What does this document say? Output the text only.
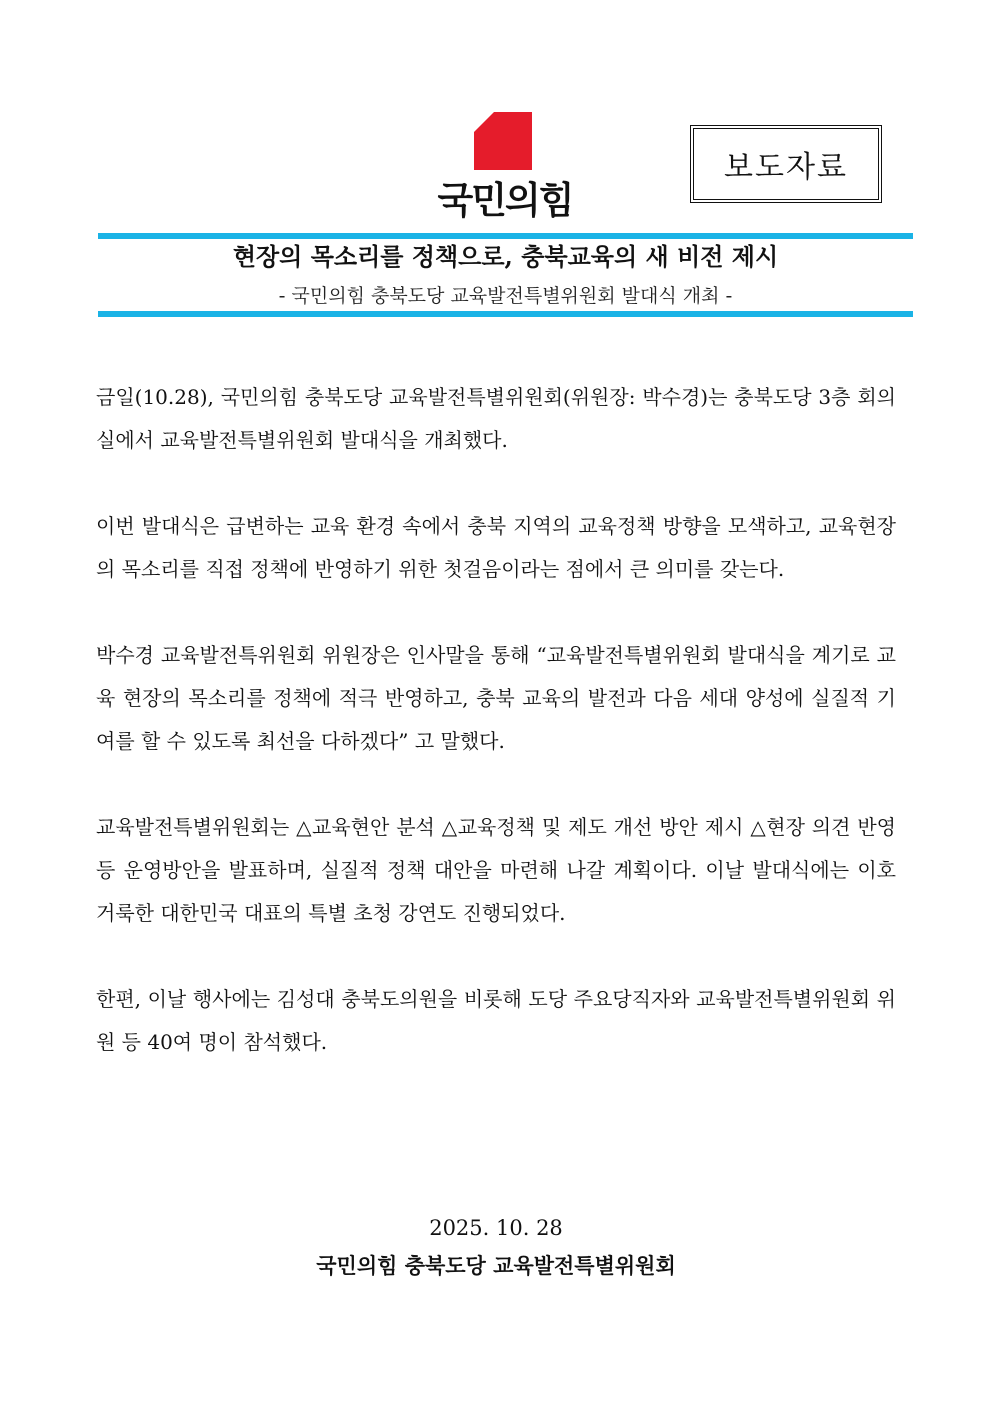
국민의힘
보도자료
현장의 목소리를 정책으로, 충북교육의 새 비전 제시
- 국민의힘 충북도당 교육발전특별위원회 발대식 개최 -

금일(10.28), 국민의힘 충북도당 교육발전특별위원회(위원장: 박수경)는 충북도당 3층 회의실에서 교육발전특별위원회 발대식을 개최했다.

이번 발대식은 급변하는 교육 환경 속에서 충북 지역의 교육정책 방향을 모색하고, 교육현장의 목소리를 직접 정책에 반영하기 위한 첫걸음이라는 점에서 큰 의미를 갖는다.

박수경 교육발전특위원회 위원장은 인사말을 통해 “교육발전특별위원회 발대식을 계기로 교육 현장의 목소리를 정책에 적극 반영하고, 충북 교육의 발전과 다음 세대 양성에 실질적 기여를 할 수 있도록 최선을 다하겠다” 고 말했다.

교육발전특별위원회는 △교육현안 분석 △교육정책 및 제도 개선 방안 제시 △현장 의견 반영 등 운영방안을 발표하며, 실질적 정책 대안을 마련해 나갈 계획이다. 이날 발대식에는 이호 거룩한 대한민국 대표의 특별 초청 강연도 진행되었다.

한편, 이날 행사에는 김성대 충북도의원을 비롯해 도당 주요당직자와 교육발전특별위원회 위원 등 40여 명이 참석했다.

2025. 10. 28
국민의힘 충북도당 교육발전특별위원회
